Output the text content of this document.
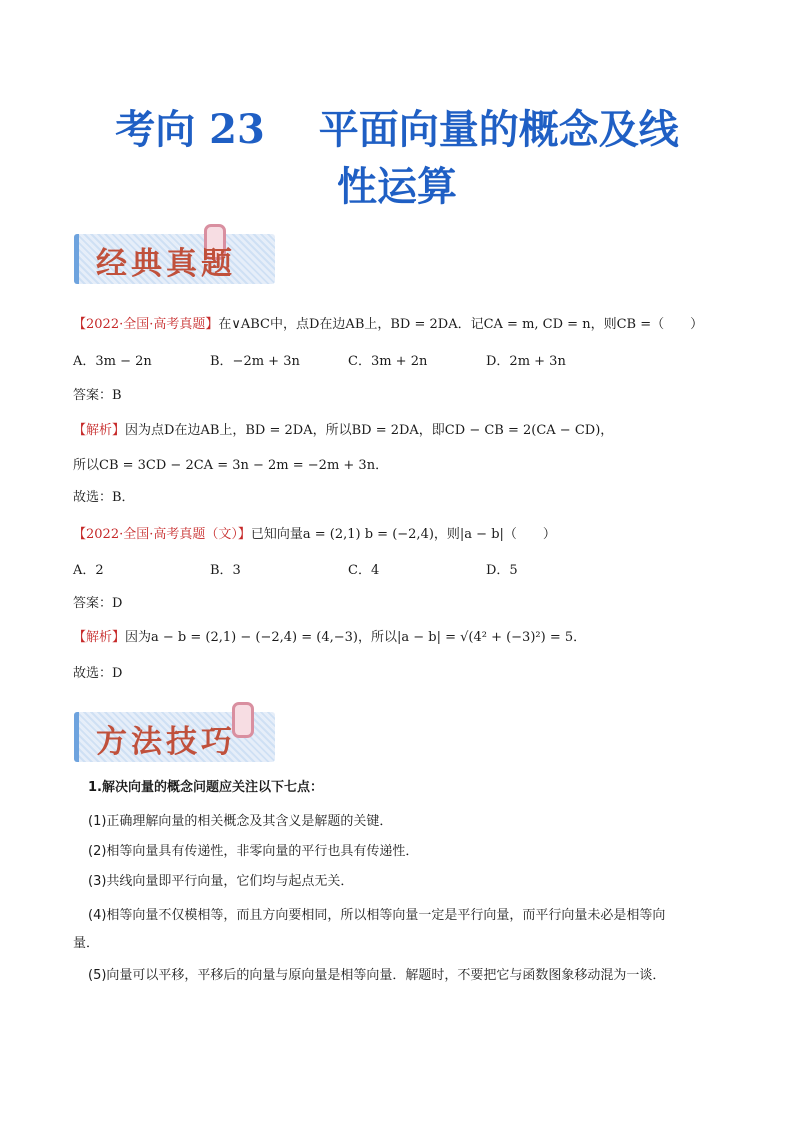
考向 23　 平面向量的概念及线
性运算
经典真题
【2022·全国·高考真题】在∨ABC中，点D在边AB上，BD = 2DA．记CA = m, CD = n，则CB =（　　）
A．3m − 2n	B．−2m + 3n	C．3m + 2n	D．2m + 3n
答案：B
【解析】因为点D在边AB上，BD = 2DA，所以BD = 2DA，即CD − CB = 2(CA − CD)，
所以CB = 3CD − 2CA = 3n − 2m = −2m + 3n．
故选：B．
【2022·全国·高考真题（文）】已知向量a = (2,1) b = (−2,4)，则|a − b|（　　）
A．2	B．3	C．4	D．5
答案：D
【解析】因为a − b = (2,1) − (−2,4) = (4,−3)，所以|a − b| = √(4² + (−3)²) = 5．
故选：D
方法技巧
1.解决向量的概念问题应关注以下七点：
(1)正确理解向量的相关概念及其含义是解题的关键．
(2)相等向量具有传递性，非零向量的平行也具有传递性．
(3)共线向量即平行向量，它们均与起点无关．
(4)相等向量不仅模相等，而且方向要相同，所以相等向量一定是平行向量，而平行向量未必是相等向
量．
(5)向量可以平移，平移后的向量与原向量是相等向量．解题时，不要把它与函数图象移动混为一谈．
